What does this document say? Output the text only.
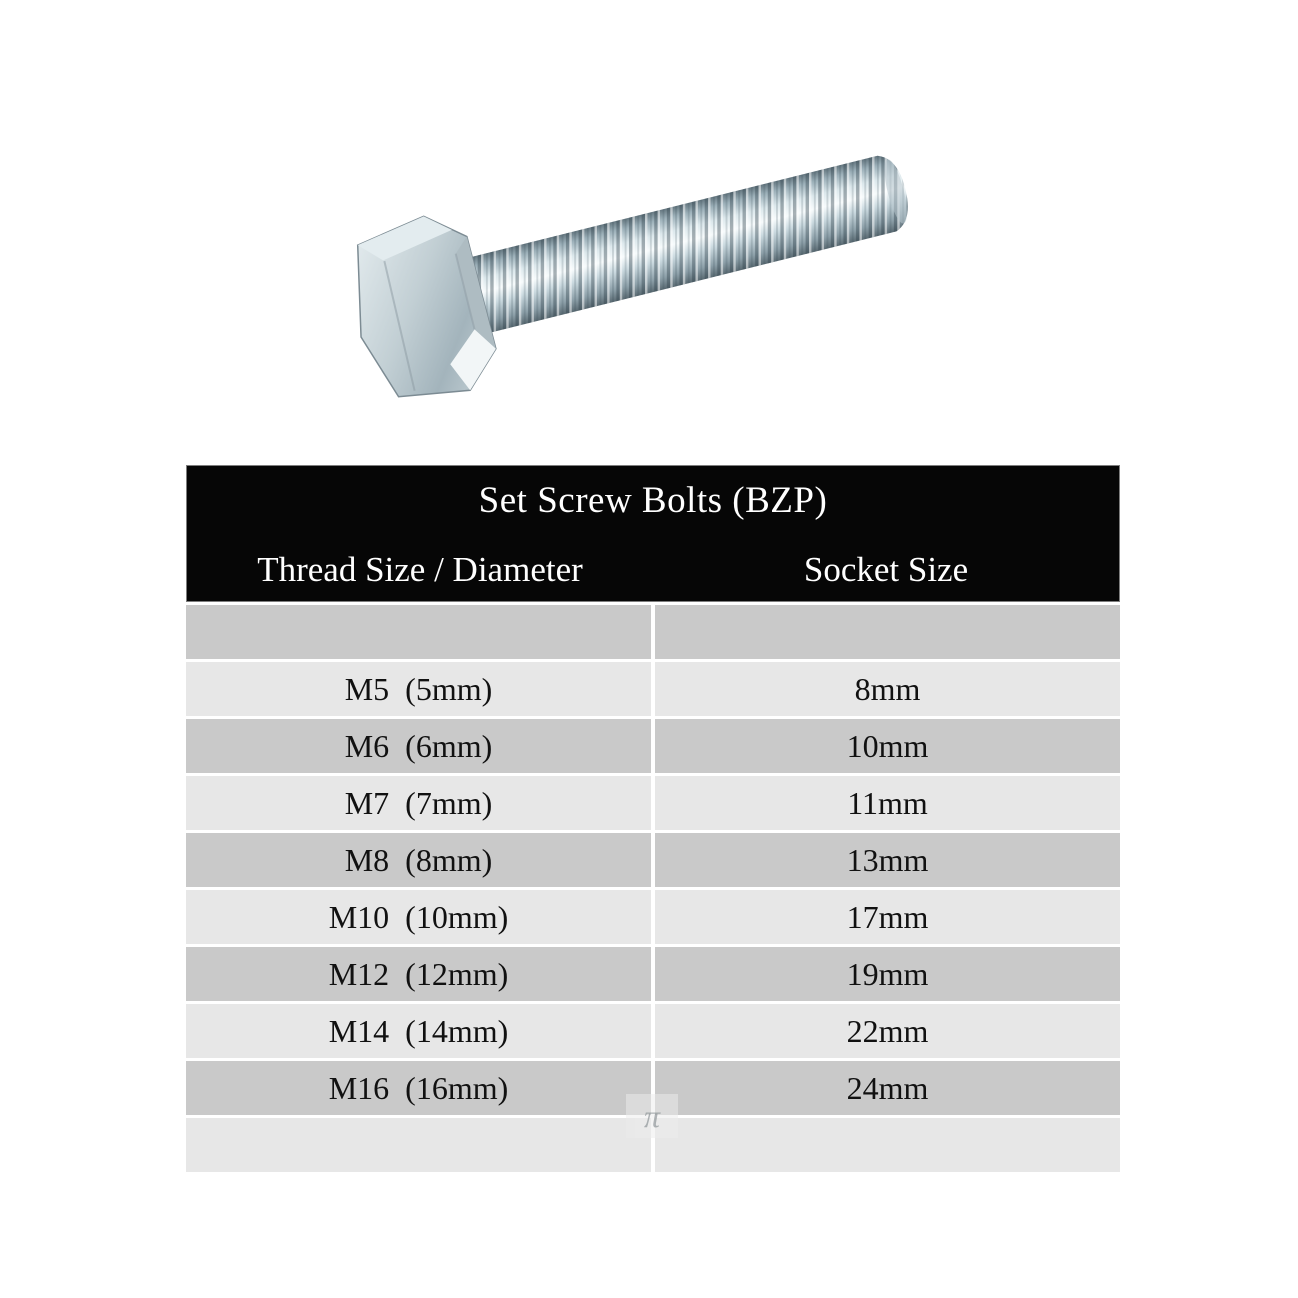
Set Screw Bolts (BZP)
Thread Size / Diameter	Socket Size
M5  (5mm)	8mm
M6  (6mm)	10mm
M7  (7mm)	11mm
M8  (8mm)	13mm
M10  (10mm)	17mm
M12  (12mm)	19mm
M14  (14mm)	22mm
M16  (16mm)	24mm
π
